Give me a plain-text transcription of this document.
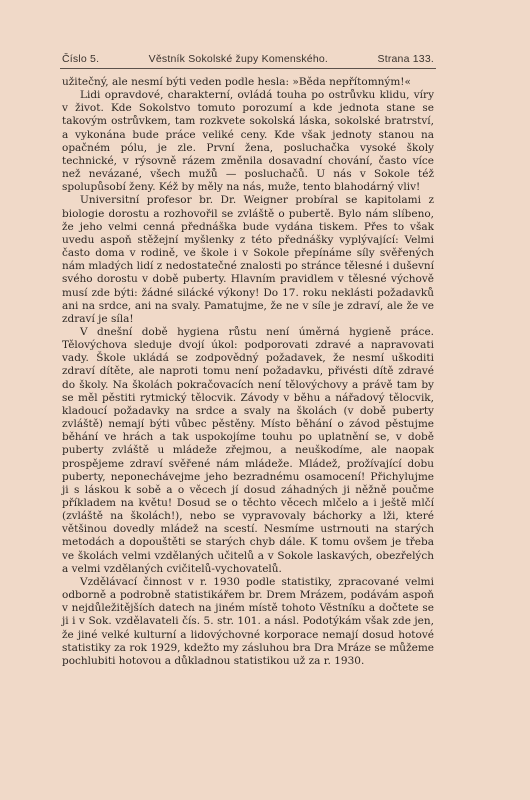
Číslo 5.	Věstník Sokolské župy Komenského.	Strana 133.

užitečný, ale nesmí býti veden podle hesla: »Běda nepřítomným!«

Lidi opravdové, charakterní, ovládá touha po ostrůvku klidu, víry v život. Kde Sokolstvo tomuto porozumí a kde jednota stane se takovým ostrůvkem, tam rozkvete sokolská láska, sokolské bratrství, a vykonána bude práce veliké ceny. Kde však jednoty stanou na opačném pólu, je zle. První žena, posluchačka vysoké školy technické, v rýsovně rázem změnila dosavadní chování, často více než nevázané, všech mužů — posluchačů. U nás v Sokole též spolupůsobí ženy. Kéž by měly na nás, muže, tento blahodárný vliv!

Universitní profesor br. Dr. Weigner probíral se kapitolami z biologie dorostu a rozhovořil se zvláště o pubertě. Bylo nám slíbeno, že jeho velmi cenná přednáška bude vydána tiskem. Přes to však uvedu aspoň stěžejní myšlenky z této přednášky vyplývající: Velmi často doma v rodině, ve škole i v Sokole přepínáme síly svěřených nám mladých lidí z nedostatečné znalosti po stránce tělesné i duševní svého dorostu v době puberty. Hlavním pravidlem v tělesné výchově musí zde býti: žádné silácké výkony! Do 17. roku neklásti požadavků ani na srdce, ani na svaly. Pamatujme, že ne v síle je zdraví, ale že ve zdraví je síla!

V dnešní době hygiena růstu není úměrná hygieně práce. Tělovýchova sleduje dvojí úkol: podporovati zdravé a napravovati vady. Škole ukládá se zodpovědný požadavek, že nesmí uškoditi zdraví dítěte, ale naproti tomu není požadavku, přivésti dítě zdravé do školy. Na školách pokračovacích není tělovýchovy a právě tam by se měl pěstiti rytmický tělocvik. Závody v běhu a nářadový tělocvik, kladoucí požadavky na srdce a svaly na školách (v době puberty zvláště) nemají býti vůbec pěstěny. Místo běhání o závod pěstujme běhání ve hrách a tak uspokojíme touhu po uplatnění se, v době puberty zvláště u mládeže zřejmou, a neuškodíme, ale naopak prospějeme zdraví svěřené nám mládeže. Mládež, prožívající dobu puberty, neponechávejme jeho bezradnému osamocení! Přichylujme ji s láskou k sobě a o věcech jí dosud záhadných ji něžně poučme příkladem na květu! Dosud se o těchto věcech mlčelo a i ještě mlčí (zvláště na školách!), nebo se vypravovaly báchorky a lži, které většinou dovedly mládež na scestí. Nesmíme ustrnouti na starých metodách a dopouštěti se starých chyb dále. K tomu ovšem je třeba ve školách velmi vzdělaných učitelů a v Sokole laskavých, obezřelých a velmi vzdělaných cvičitelů-vychovatelů.

Vzdělávací činnost v r. 1930 podle statistiky, zpracované velmi odborně a podrobně statistikářem br. Drem Mrázem, podávám aspoň v nejdůležitějších datech na jiném místě tohoto Věstníku a dočtete se ji i v Sok. vzdělavateli čís. 5. str. 101. a násl. Podotýkám však zde jen, že jiné velké kulturní a lidovýchovné korporace nemají dosud hotové statistiky za rok 1929, kdežto my zásluhou bra Dra Mráze se můžeme pochlubiti hotovou a důkladnou statistikou už za r. 1930.
